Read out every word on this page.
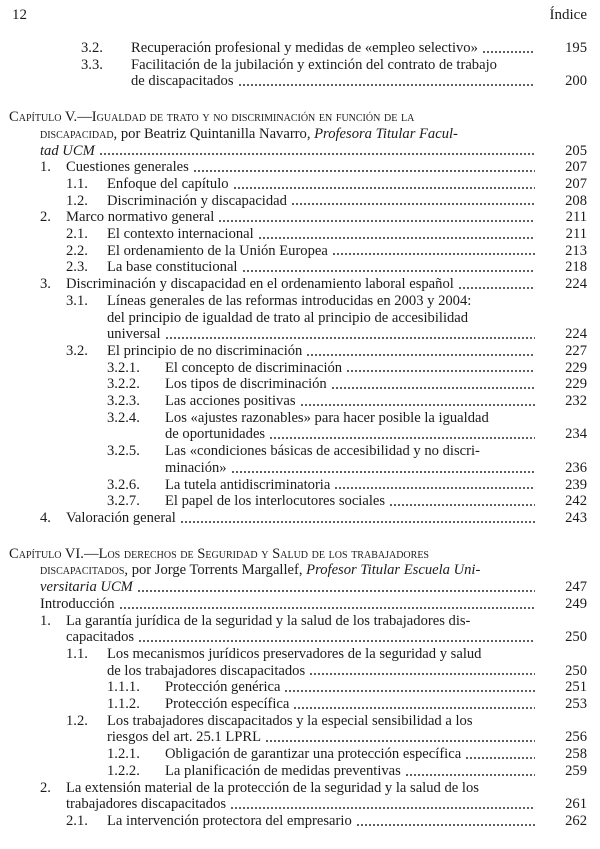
12	Índice
3.2.	Recuperación profesional y medidas de «empleo selectivo»	195
3.3.	Facilitación de la jubilación y extinción del contrato de trabajo
de discapacitados	200
Capítulo V.—Igualdad de trato y no discriminación en función de la
discapacidad, por Beatriz Quintanilla Navarro, Profesora Titular Facul-
tad UCM	205
1.	Cuestiones generales	207
1.1.	Enfoque del capítulo	207
1.2.	Discriminación y discapacidad	208
2.	Marco normativo general	211
2.1.	El contexto internacional	211
2.2.	El ordenamiento de la Unión Europea	213
2.3.	La base constitucional	218
3.	Discriminación y discapacidad en el ordenamiento laboral español	224
3.1.	Líneas generales de las reformas introducidas en 2003 y 2004:
del principio de igualdad de trato al principio de accesibilidad
universal	224
3.2.	El principio de no discriminación	227
3.2.1.	El concepto de discriminación	229
3.2.2.	Los tipos de discriminación	229
3.2.3.	Las acciones positivas	232
3.2.4.	Los «ajustes razonables» para hacer posible la igualdad
de oportunidades	234
3.2.5.	Las «condiciones básicas de accesibilidad y no discri-
minación»	236
3.2.6.	La tutela antidiscriminatoria	239
3.2.7.	El papel de los interlocutores sociales	242
4.	Valoración general	243
Capítulo VI.—Los derechos de Seguridad y Salud de los trabajadores
discapacitados, por Jorge Torrents Margallef, Profesor Titular Escuela Uni-
versitaria UCM	247
Introducción	249
1.	La garantía jurídica de la seguridad y la salud de los trabajadores dis-
capacitados	250
1.1.	Los mecanismos jurídicos preservadores de la seguridad y salud
de los trabajadores discapacitados	250
1.1.1.	Protección genérica	251
1.1.2.	Protección específica	253
1.2.	Los trabajadores discapacitados y la especial sensibilidad a los
riesgos del art. 25.1 LPRL	256
1.2.1.	Obligación de garantizar una protección específica	258
1.2.2.	La planificación de medidas preventivas	259
2.	La extensión material de la protección de la seguridad y la salud de los
trabajadores discapacitados	261
2.1.	La intervención protectora del empresario	262
